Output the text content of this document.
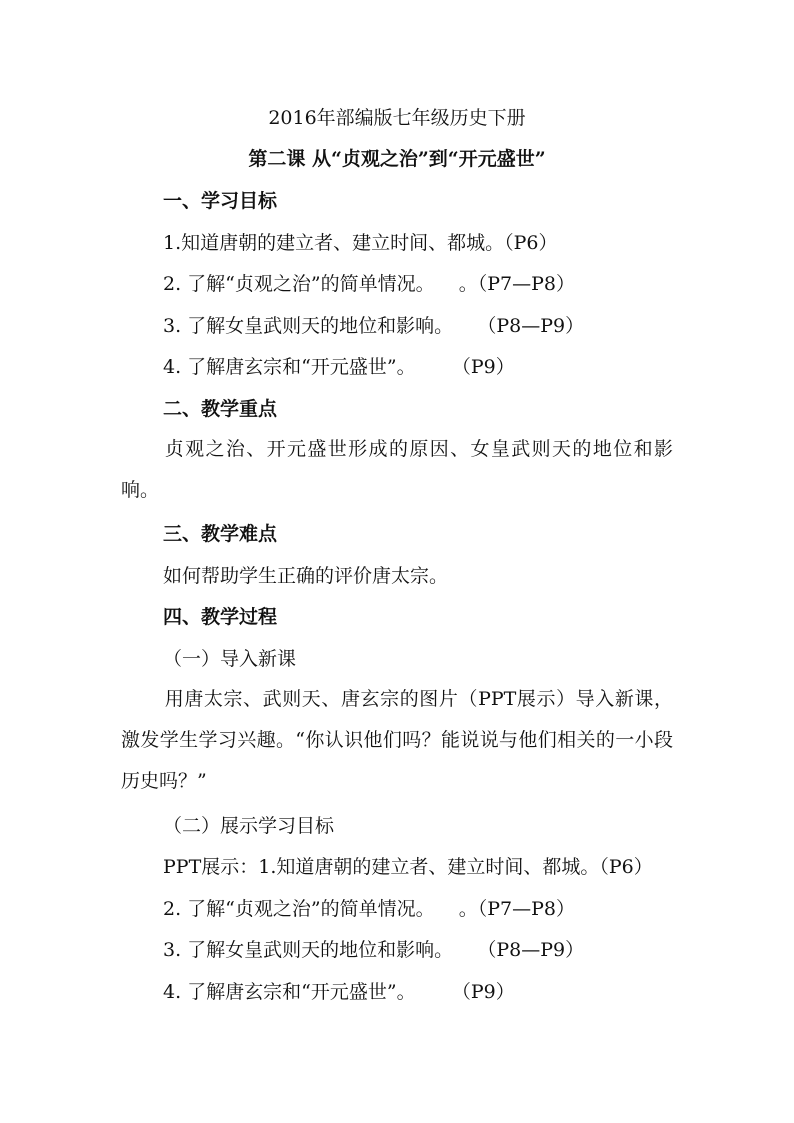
2016年部编版七年级历史下册
第二课 从“贞观之治”到“开元盛世”
一、学习目标
1.知道唐朝的建立者、建立时间、都城。（P6）
2. 了解“贞观之治”的简单情况。    。（P7—P8）
3. 了解女皇武则天的地位和影响。    （P8—P9）
4. 了解唐玄宗和“开元盛世”。      （P9）
二、教学重点
贞观之治、开元盛世形成的原因、女皇武则天的地位和影响。
三、教学难点
如何帮助学生正确的评价唐太宗。
四、教学过程
（一）导入新课
用唐太宗、武则天、唐玄宗的图片（PPT展示）导入新课，激发学生学习兴趣。“你认识他们吗？能说说与他们相关的一小段历史吗？”
（二）展示学习目标
PPT展示：1.知道唐朝的建立者、建立时间、都城。（P6）
2. 了解“贞观之治”的简单情况。    。（P7—P8）
3. 了解女皇武则天的地位和影响。    （P8—P9）
4. 了解唐玄宗和“开元盛世”。      （P9）
